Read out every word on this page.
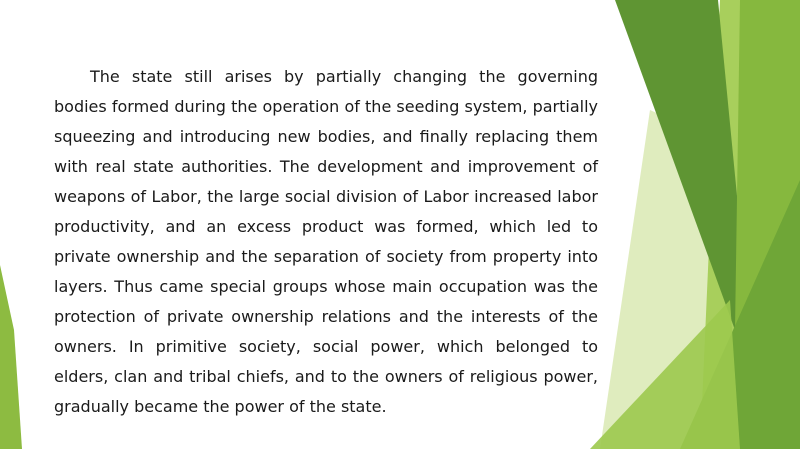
The state still arises by partially changing the governing bodies formed during the operation of the seeding system, partially squeezing and introducing new bodies, and finally replacing them with real state authorities. The development and improvement of weapons of Labor, the large social division of Labor increased labor productivity, and an excess product was formed, which led to private ownership and the separation of society from property into layers. Thus came special groups whose main occupation was the protection of private ownership relations and the interests of the owners. In primitive society, social power, which belonged to elders, clan and tribal chiefs, and to the owners of religious power, gradually became the power of the state.
